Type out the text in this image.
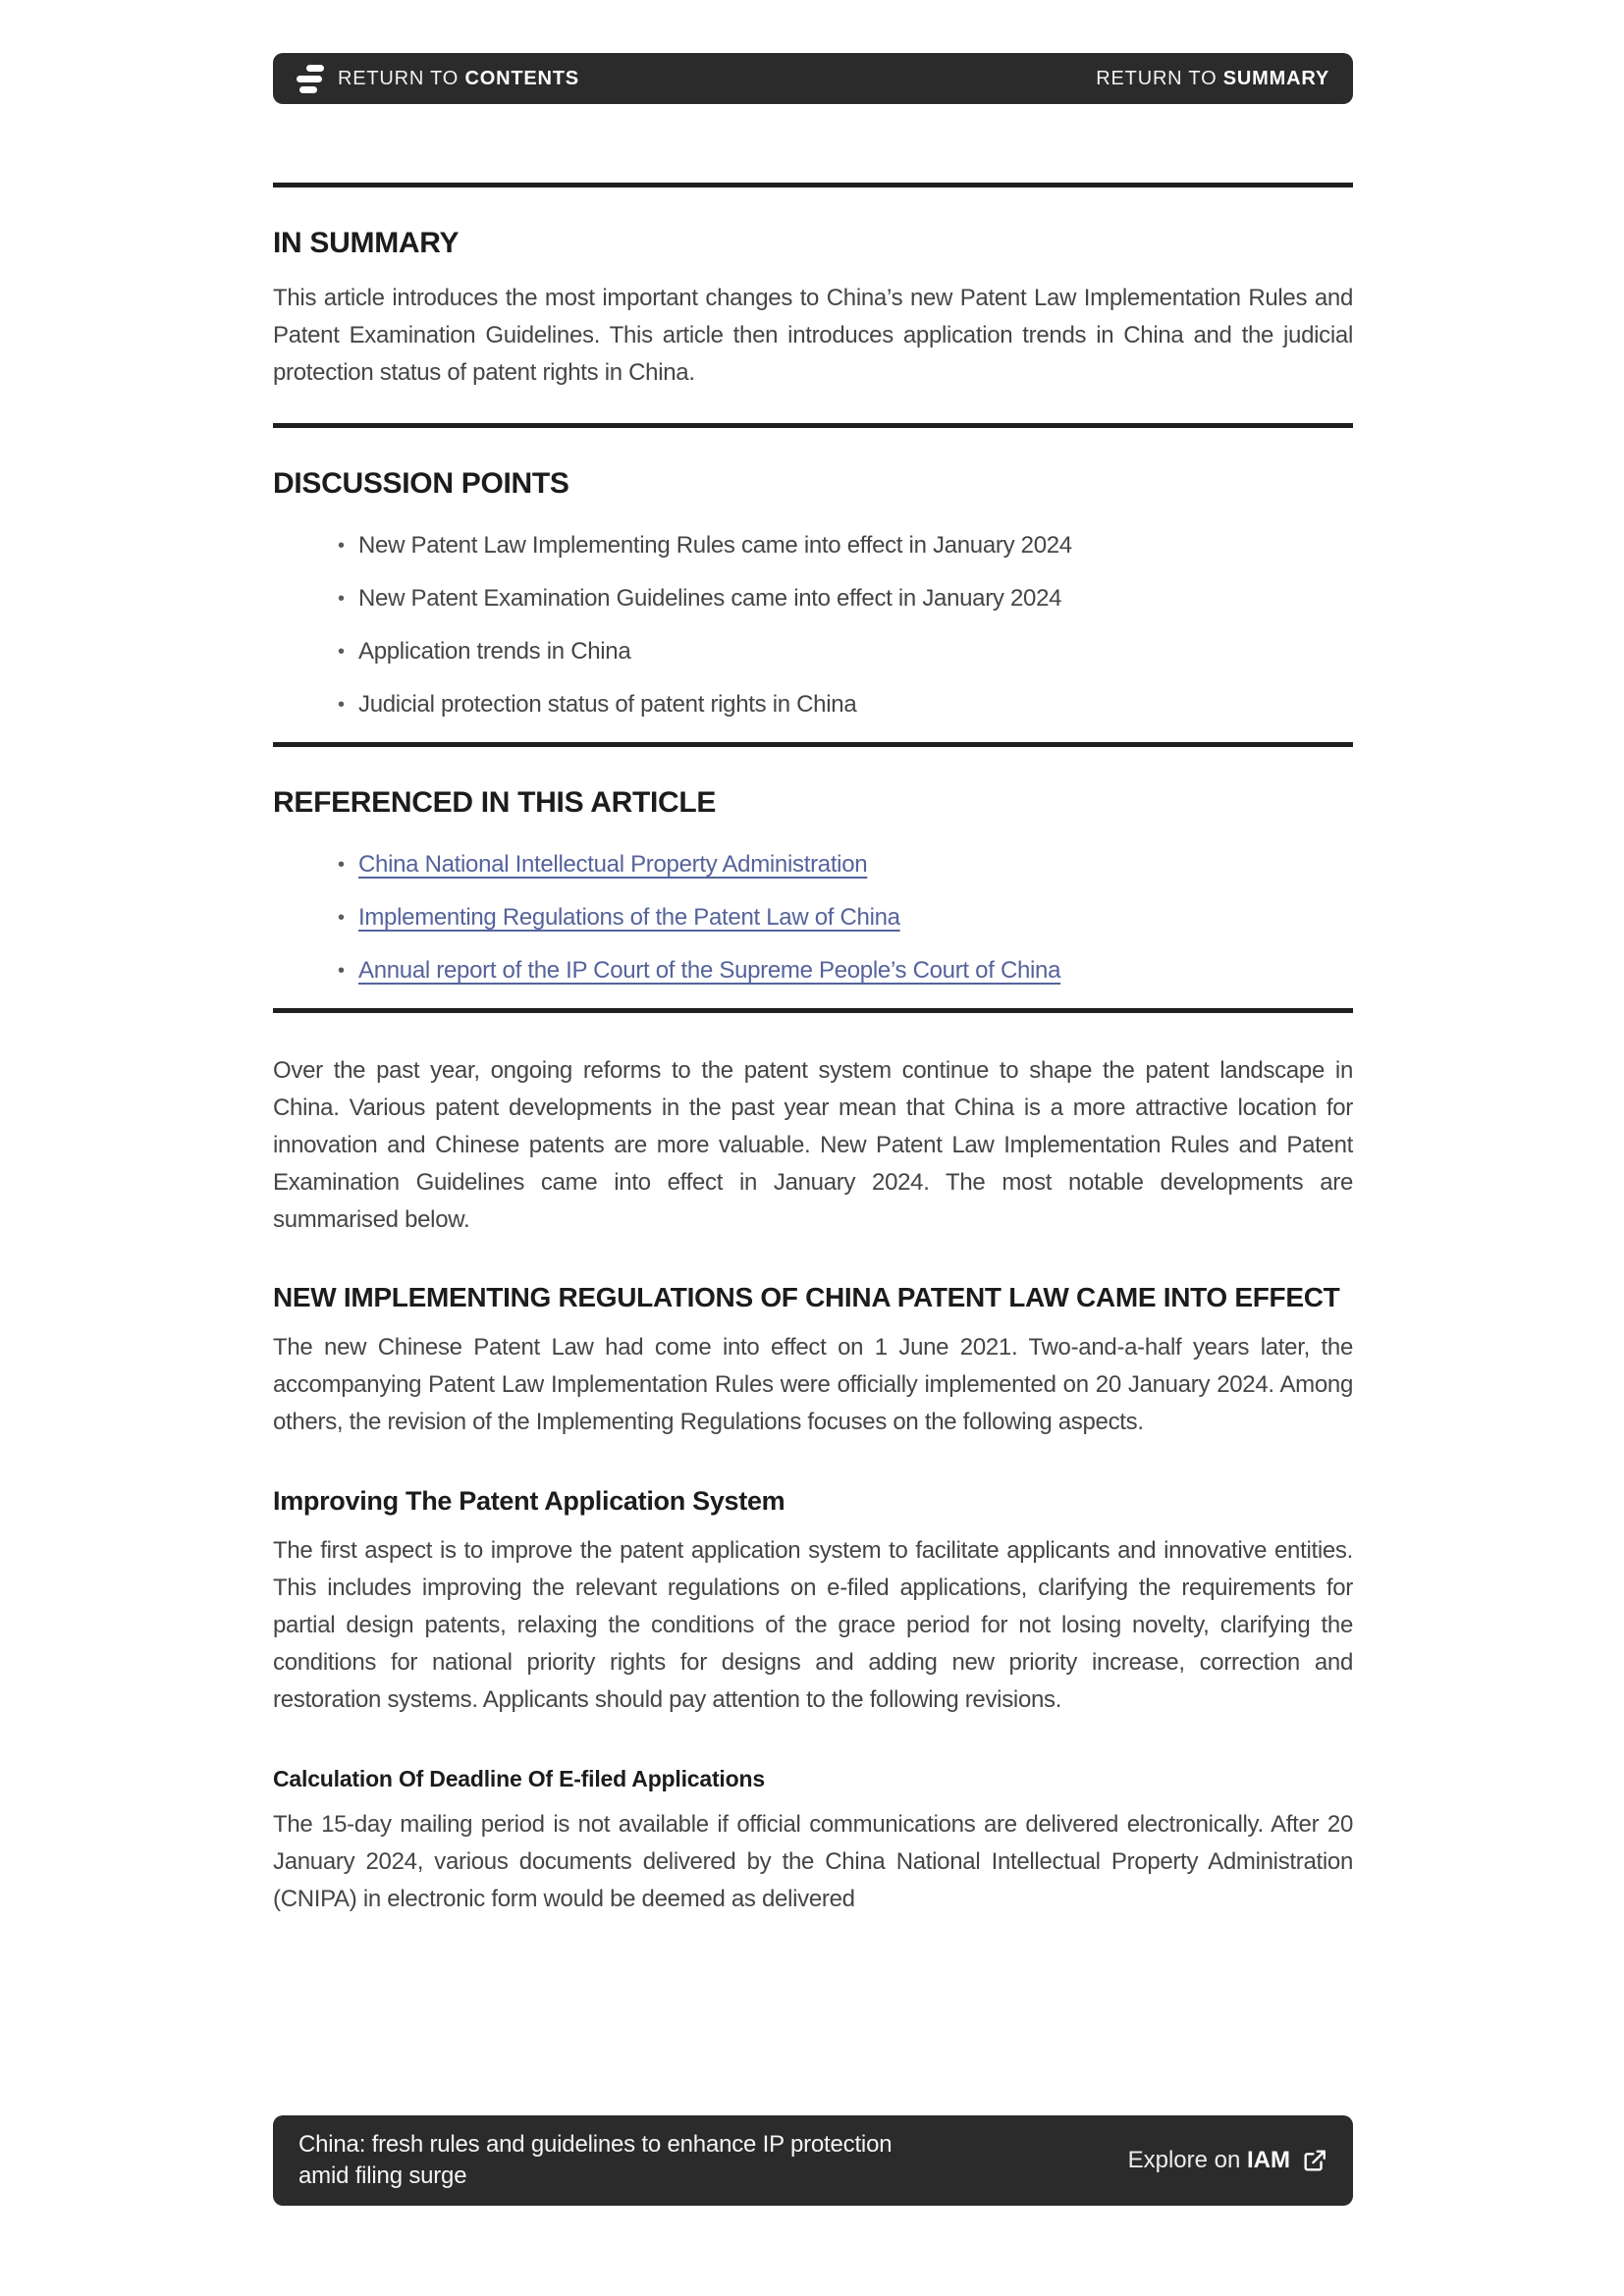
RETURN TO CONTENTS	RETURN TO SUMMARY
IN SUMMARY

This article introduces the most important changes to China’s new Patent Law Implementation Rules and Patent Examination Guidelines. This article then introduces application trends in China and the judicial protection status of patent rights in China.

DISCUSSION POINTS
• New Patent Law Implementing Rules came into effect in January 2024
• New Patent Examination Guidelines came into effect in January 2024
• Application trends in China
• Judicial protection status of patent rights in China
REFERENCED IN THIS ARTICLE
• China National Intellectual Property Administration
• Implementing Regulations of the Patent Law of China
• Annual report of the IP Court of the Supreme People’s Court of China

Over the past year, ongoing reforms to the patent system continue to shape the patent landscape in China. Various patent developments in the past year mean that China is a more attractive location for innovation and Chinese patents are more valuable. New Patent Law Implementation Rules and Patent Examination Guidelines came into effect in January 2024. The most notable developments are summarised below.

NEW IMPLEMENTING REGULATIONS OF CHINA PATENT LAW CAME INTO EFFECT

The new Chinese Patent Law had come into effect on 1 June 2021. Two-and-a-half years later, the accompanying Patent Law Implementation Rules were officially implemented on 20 January 2024. Among others, the revision of the Implementing Regulations focuses on the following aspects.

Improving The Patent Application System

The first aspect is to improve the patent application system to facilitate applicants and innovative entities. This includes improving the relevant regulations on e-filed applications, clarifying the requirements for partial design patents, relaxing the conditions of the grace period for not losing novelty, clarifying the conditions for national priority rights for designs and adding new priority increase, correction and restoration systems. Applicants should pay attention to the following revisions.

Calculation Of Deadline Of E-filed Applications

The 15-day mailing period is not available if official communications are delivered electronically. After 20 January 2024, various documents delivered by the China National Intellectual Property Administration (CNIPA) in electronic form would be deemed as delivered

China: fresh rules and guidelines to enhance IP protection
amid filing surge
Explore on IAM
